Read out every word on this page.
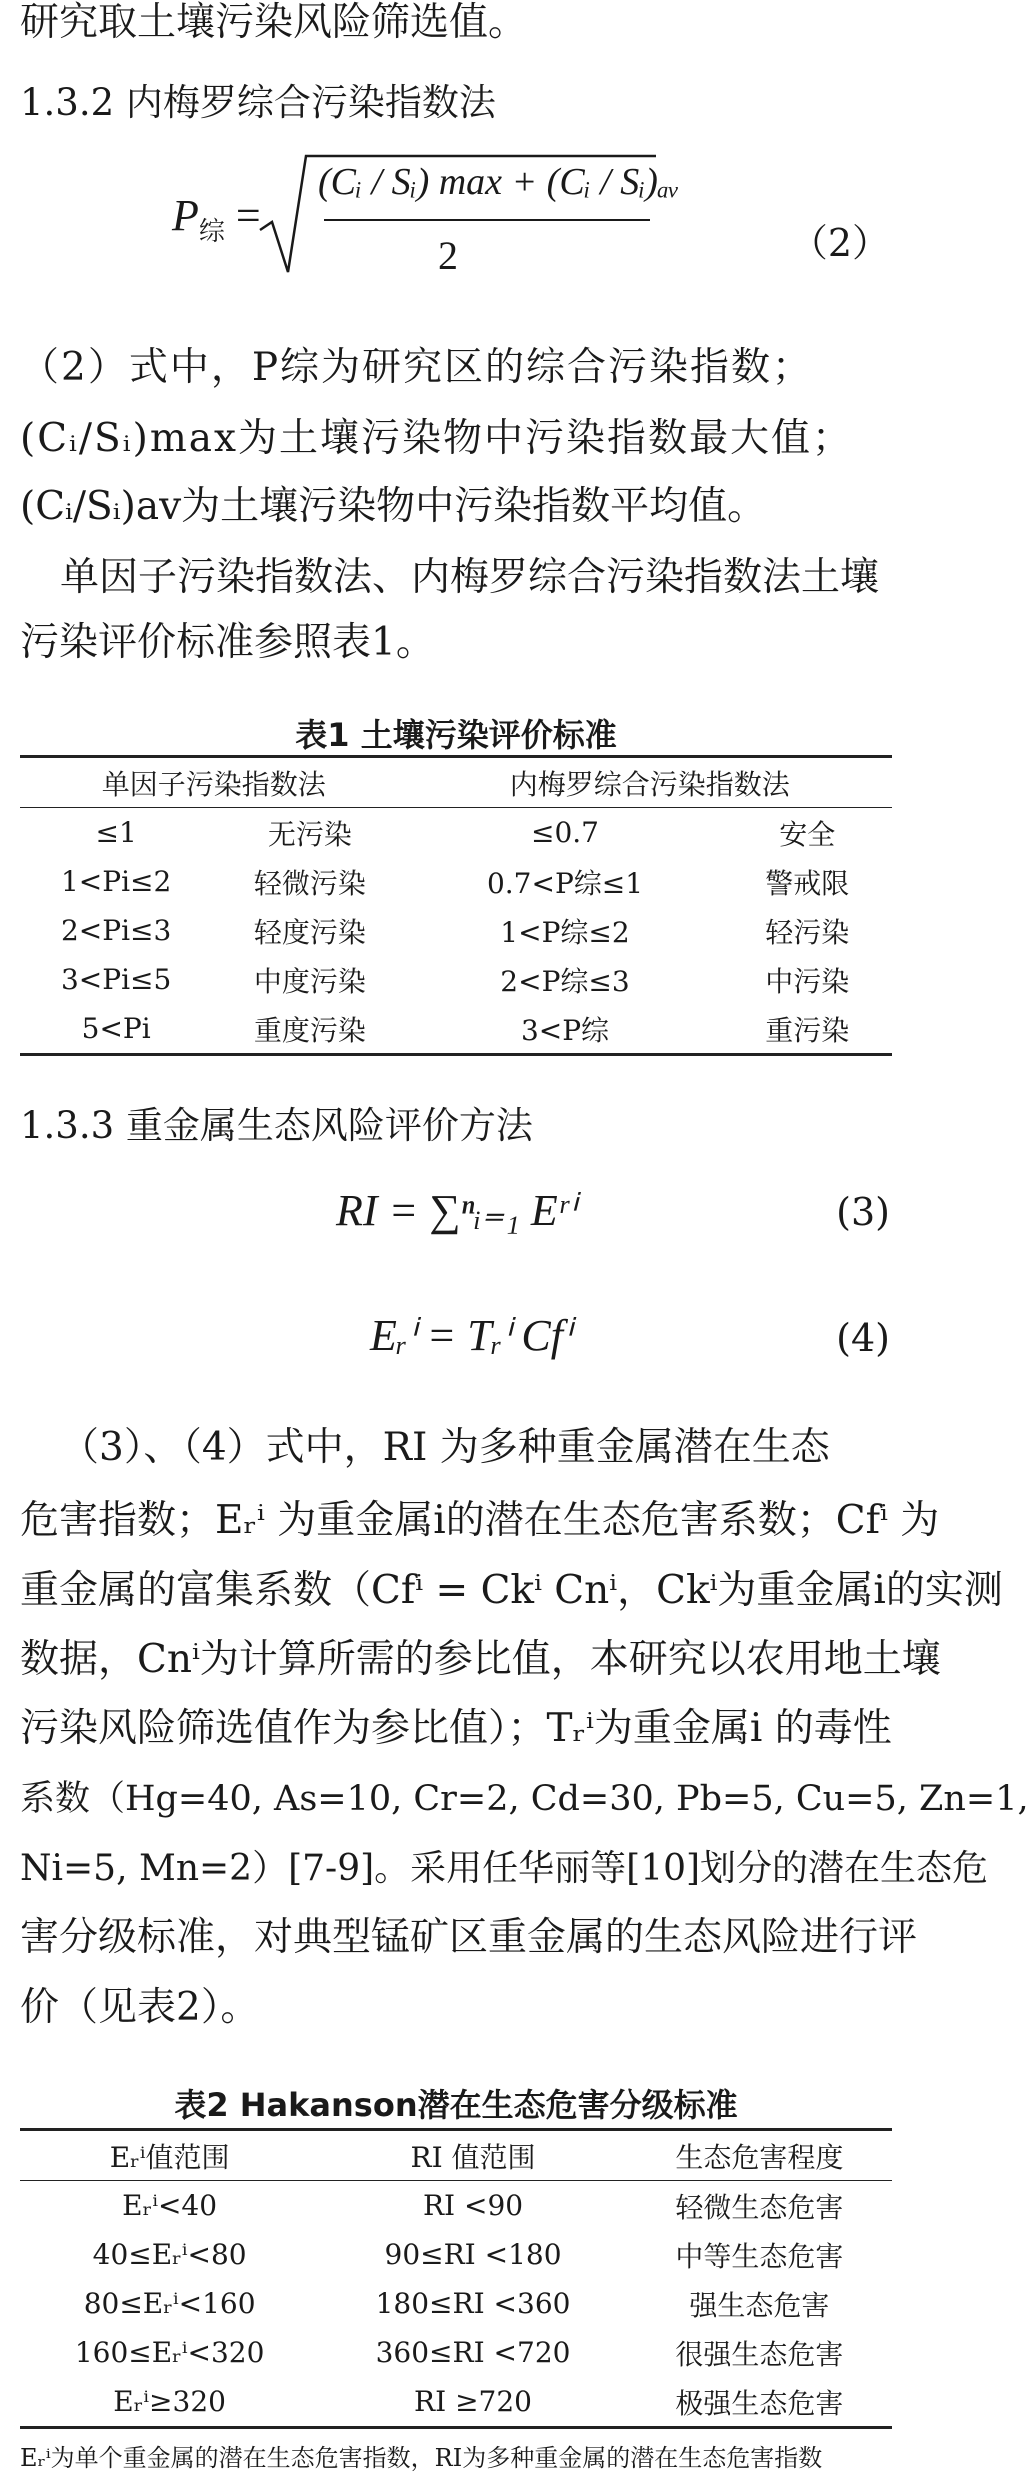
研究取土壤污染风险筛选值。
1.3.2 内梅罗综合污染指数法
$P_综$ =
(Cᵢ / Sᵢ) max + (Cᵢ / Sᵢ)ₐᵥ
2	（2）
（2）式中，P综为研究区的综合污染指数；
(Cᵢ/Sᵢ)max为土壤污染物中污染指数最大值；
(Cᵢ/Sᵢ)av为土壤污染物中污染指数平均值。
单因子污染指数法、内梅罗综合污染指数法土壤
污染评价标准参照表1。
表1 土壤污染评价标准
单因子污染指数法		内梅罗综合污染指数法	
≤1	无污染	≤0.7	安全
1<Pi≤2	轻微污染	0.7<P综≤1	警戒限
2<Pi≤3	轻度污染	1<P综≤2	轻污染
3<Pi≤5	中度污染	2<P综≤3	中污染
5<Pi	重度污染	3<P综	重污染
1.3.3 重金属生态风险评价方法
RI = ∑ⁿᵢ₌₁ Eʳⁱ	(3)
Eᵣⁱ = Tᵣⁱ Cfⁱ	(4)
（3）、（4）式中，RI 为多种重金属潜在生态
危害指数；Eᵣⁱ 为重金属i的潜在生态危害系数；Cfⁱ 为
重金属的富集系数（Cfⁱ = Ckⁱ Cnⁱ，Ckⁱ为重金属i的实测
数据，Cnⁱ为计算所需的参比值，本研究以农用地土壤
污染风险筛选值作为参比值）；Tᵣⁱ为重金属i 的毒性
系数（Hg=40, As=10, Cr=2, Cd=30, Pb=5, Cu=5, Zn=1,
Ni=5, Mn=2）[7-9]。采用任华丽等[10]划分的潜在生态危
害分级标准，对典型锰矿区重金属的生态风险进行评
价（见表2）。
表2 Hakanson潜在生态危害分级标准
Eᵣⁱ值范围	RI 值范围	生态危害程度
Eᵣⁱ<40	RI <90	轻微生态危害
40≤Eᵣⁱ<80	90≤RI <180	中等生态危害
80≤Eᵣⁱ<160	180≤RI <360	强生态危害
160≤Eᵣⁱ<320	360≤RI <720	很强生态危害
Eᵣⁱ≥320	RI ≥720	极强生态危害
Eᵣⁱ为单个重金属的潜在生态危害指数，RI为多种重金属的潜在生态危害指数
